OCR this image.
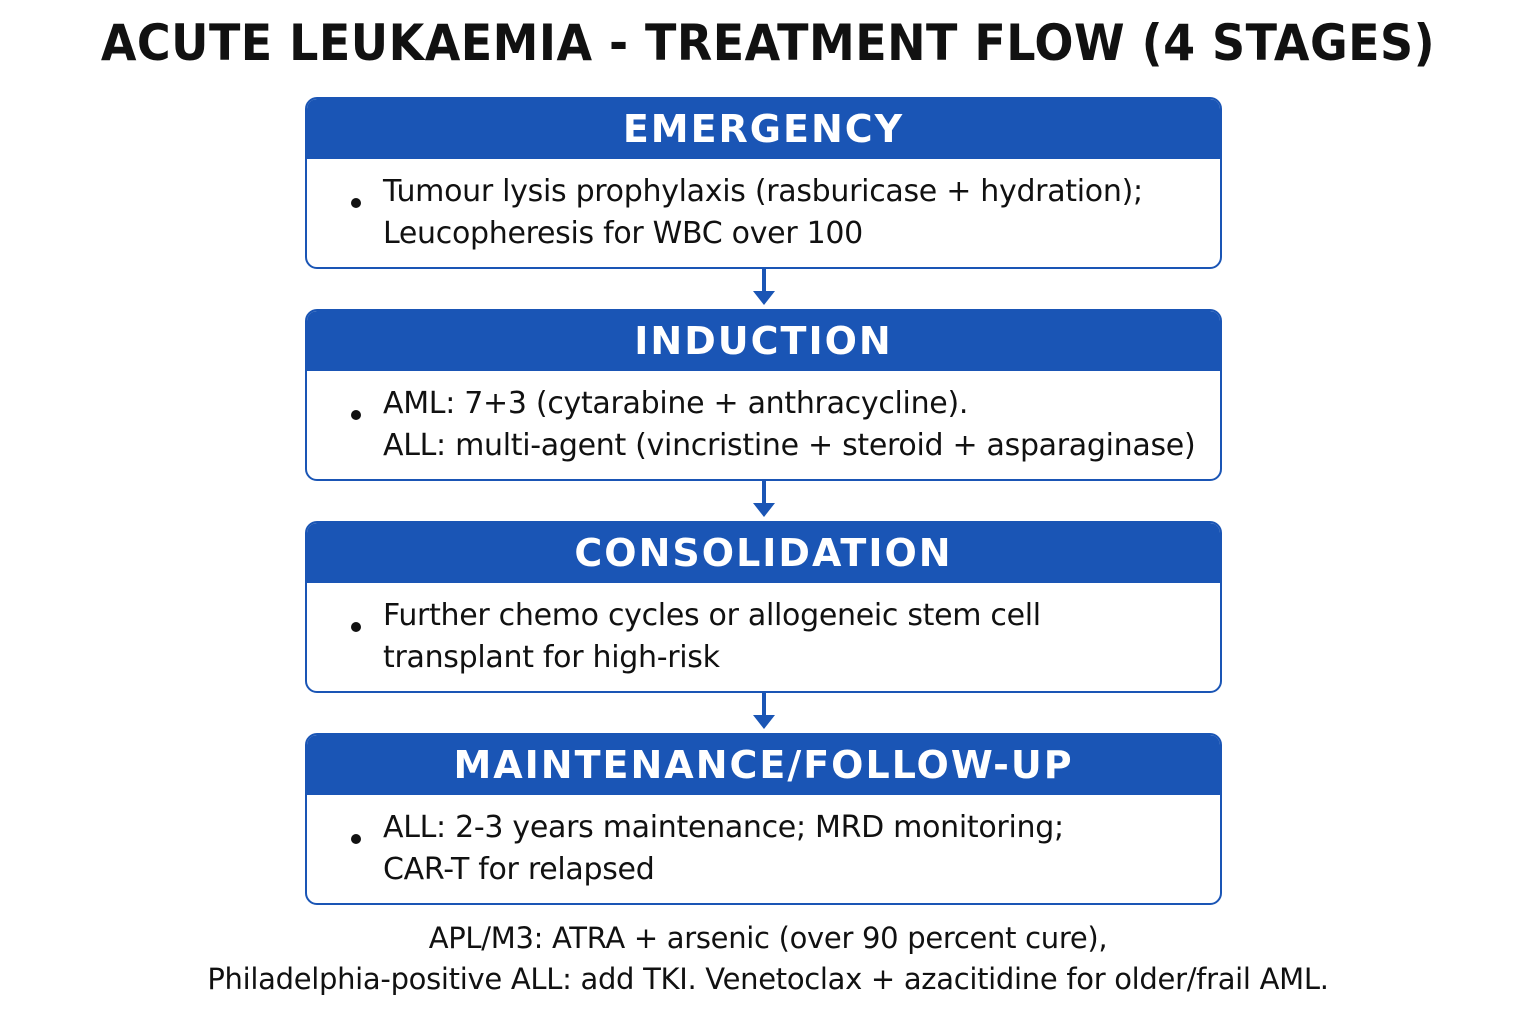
ACUTE LEUKAEMIA - TREATMENT FLOW (4 STAGES)
EMERGENCY
Tumour lysis prophylaxis (rasburicase + hydration);
Leucopheresis for WBC over 100
INDUCTION
AML: 7+3 (cytarabine + anthracycline).
ALL: multi-agent (vincristine + steroid + asparaginase)
CONSOLIDATION
Further chemo cycles or allogeneic stem cell
transplant for high-risk
MAINTENANCE/FOLLOW-UP
ALL: 2-3 years maintenance; MRD monitoring;
CAR-T for relapsed
APL/M3: ATRA + arsenic (over 90 percent cure),
Philadelphia-positive ALL: add TKI. Venetoclax + azacitidine for older/frail AML.
